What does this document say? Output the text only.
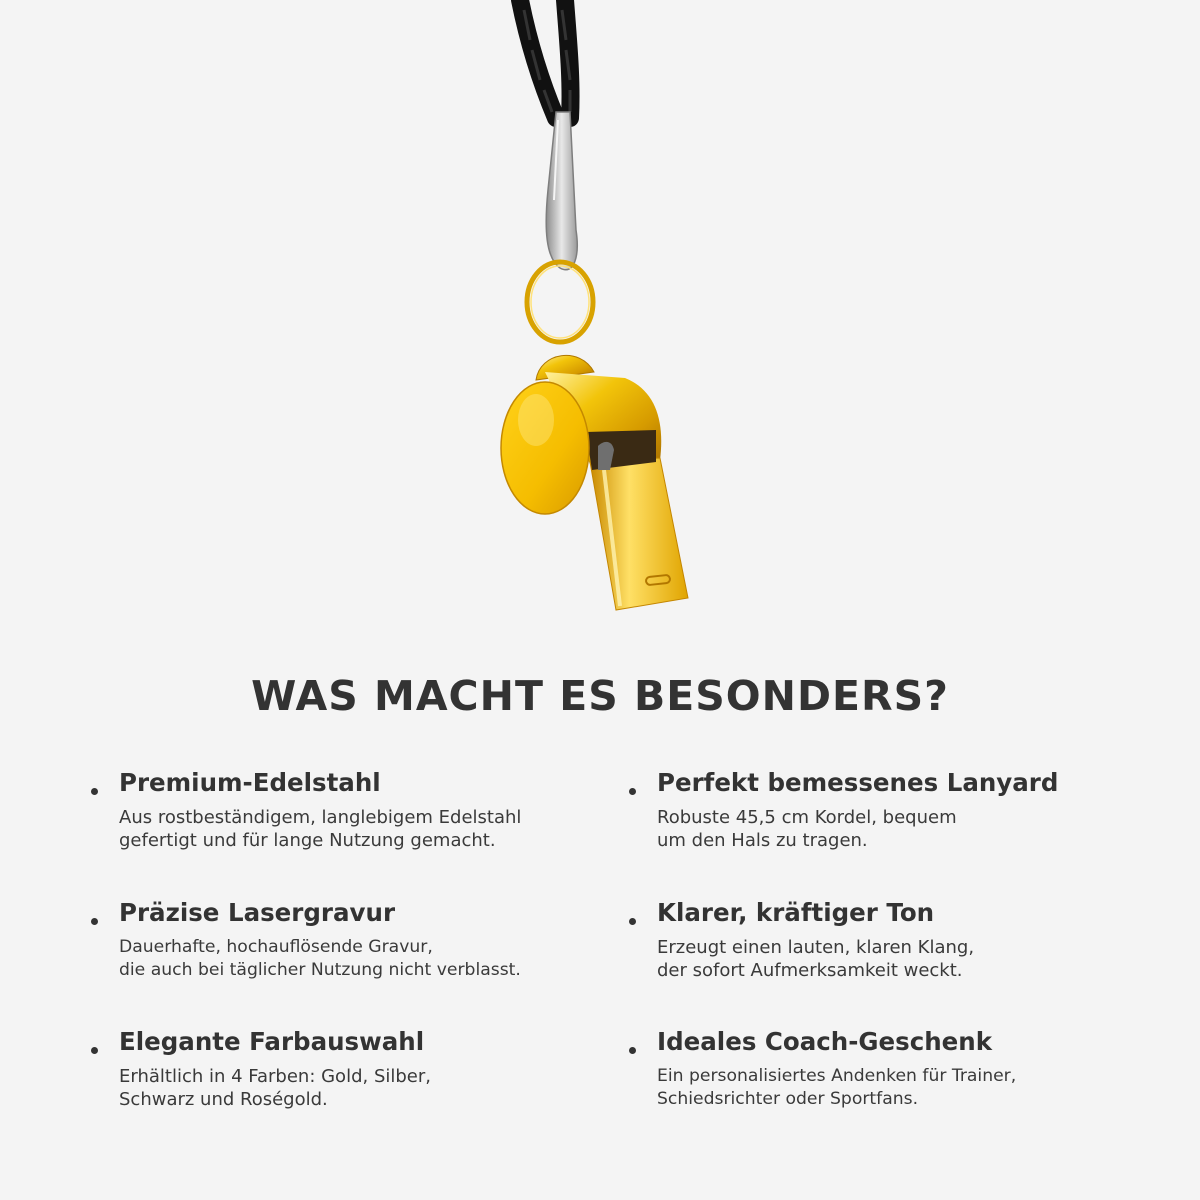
WAS MACHT ES BESONDERS?

Premium-Edelstahl

Aus rostbeständigem, langlebigem Edelstahl
gefertigt und für lange Nutzung gemacht.

Perfekt bemessenes Lanyard

Robuste 45,5 cm Kordel, bequem
um den Hals zu tragen.

Präzise Lasergravur

Dauerhafte, hochauflösende Gravur,
die auch bei täglicher Nutzung nicht verblasst.

Klarer, kräftiger Ton

Erzeugt einen lauten, klaren Klang,
der sofort Aufmerksamkeit weckt.

Elegante Farbauswahl

Erhältlich in 4 Farben: Gold, Silber,
Schwarz und Roségold.

Ideales Coach-Geschenk

Ein personalisiertes Andenken für Trainer,
Schiedsrichter oder Sportfans.
